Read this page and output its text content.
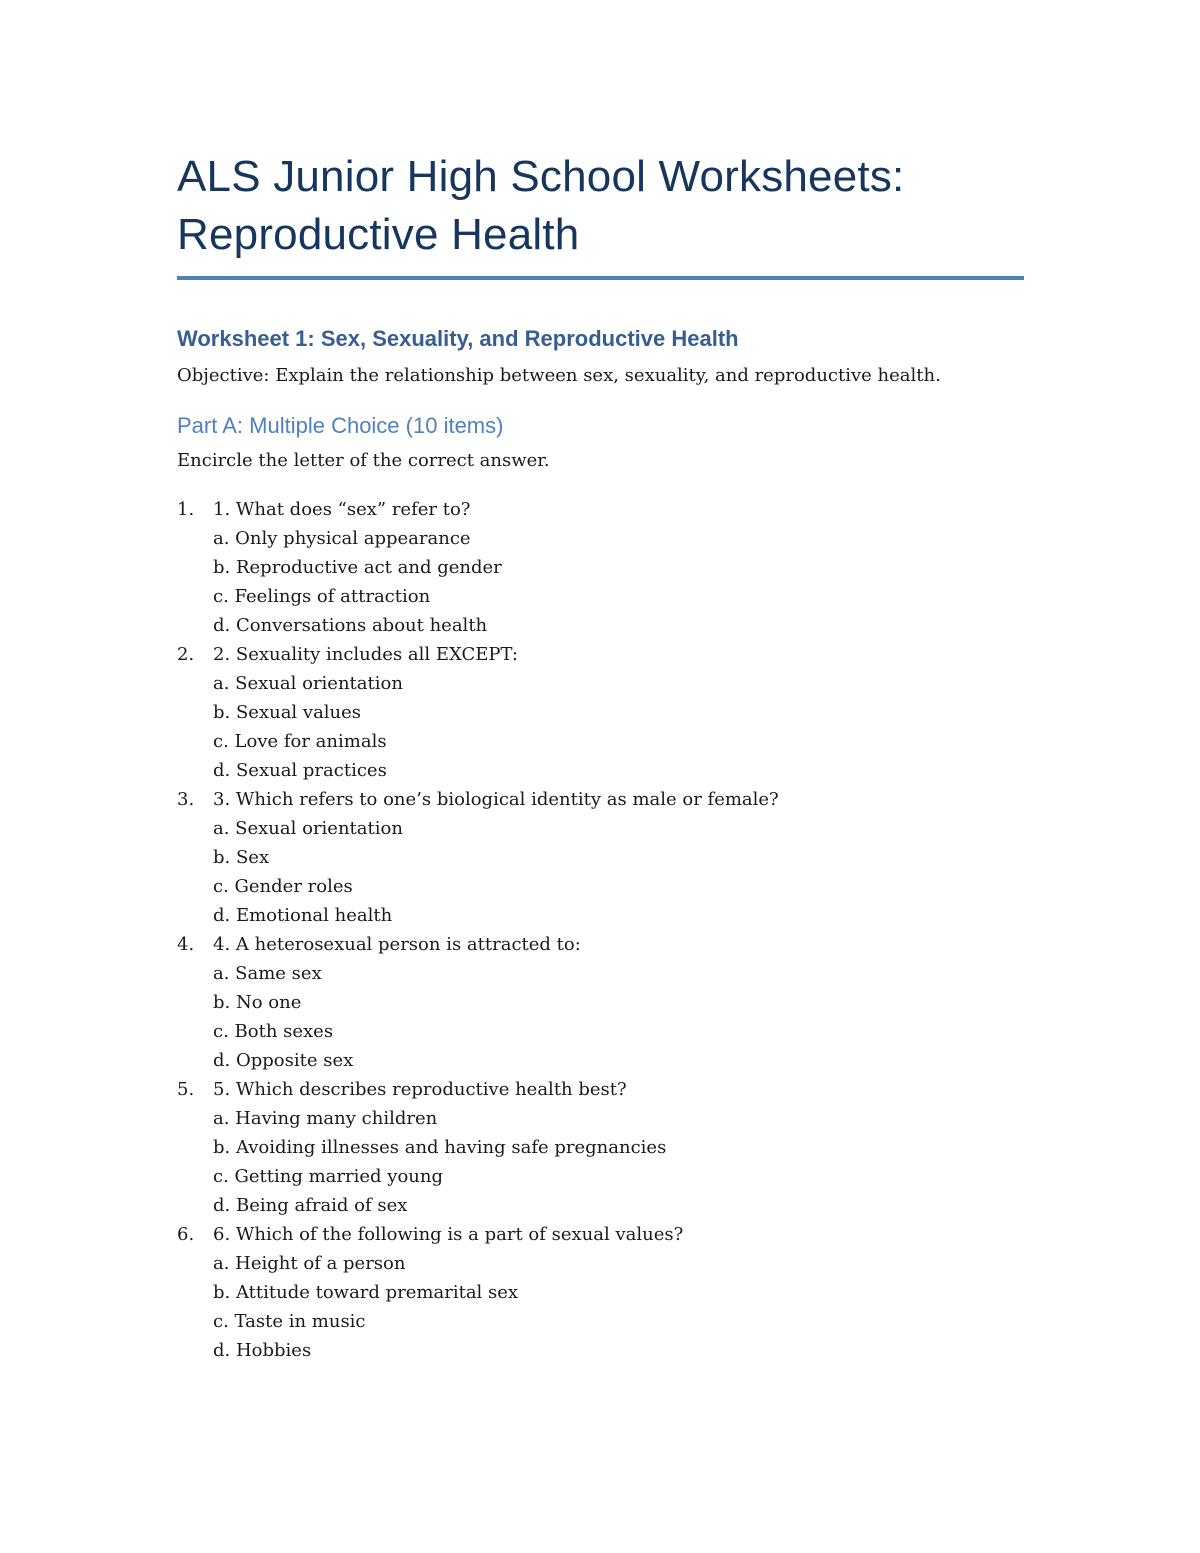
ALS Junior High School Worksheets:
Reproductive Health
Worksheet 1: Sex, Sexuality, and Reproductive Health

Objective: Explain the relationship between sex, sexuality, and reproductive health.

Part A: Multiple Choice (10 items)

Encircle the letter of the correct answer.

1. 1. What does “sex” refer to?
a. Only physical appearance
b. Reproductive act and gender
c. Feelings of attraction
d. Conversations about health
2. 2. Sexuality includes all EXCEPT:
a. Sexual orientation
b. Sexual values
c. Love for animals
d. Sexual practices
3. 3. Which refers to one’s biological identity as male or female?
a. Sexual orientation
b. Sex
c. Gender roles
d. Emotional health
4. 4. A heterosexual person is attracted to:
a. Same sex
b. No one
c. Both sexes
d. Opposite sex
5. 5. Which describes reproductive health best?
a. Having many children
b. Avoiding illnesses and having safe pregnancies
c. Getting married young
d. Being afraid of sex
6. 6. Which of the following is a part of sexual values?
a. Height of a person
b. Attitude toward premarital sex
c. Taste in music
d. Hobbies
